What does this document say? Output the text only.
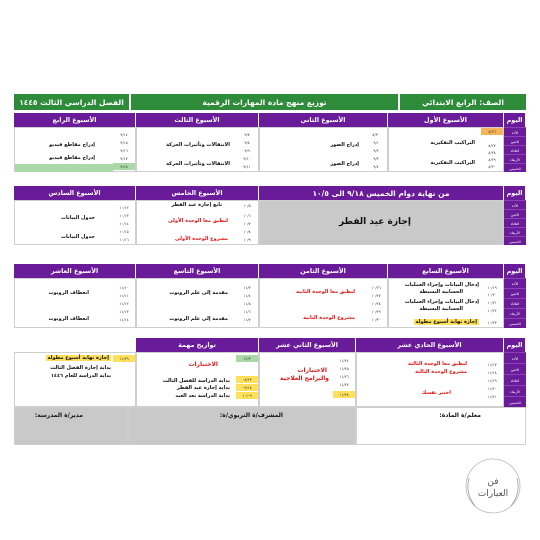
الصف: الرابع الابتدائي
توزيع منهج مادة المهارات الرقمية
الفصل الدراسي الثالث ١٤٤٥
اليوم
الأسبوع الأول
الأسبوع الثاني
الأسبوع الثالث
الأسبوع الرابع
الأحد
الاثنين
الثلاثاء
الأربعاء
الخميس
٨/٢٦
٨/٢٧
٨/٢٨
٨/٢٩
٨/٣٠
التراكيب التفكيرية
التراكيب التفكيرية
٨/٣٠
٩/١
٩/٢
٩/٣
٩/٤
إدراج الصور
إدراج الصور
٩/٧
٩/٨
٩/٩
٩/١٠
٩/١١
الانتقالات وتأثيرات الحركة
الانتقالات وتأثيرات الحركة
٩/١٤
٩/١٥
٩/١٦
٩/١٧
٩/١٨
إدراج مقاطع فيديو
إدراج مقاطع فيديو
اليوم
من نهاية دوام الخميس ٩/١٨ الى ١٠/٥
الأسبوع الخامس
الأسبوع السادس
الأحد
الاثنين
الثلاثاء
الأربعاء
الخميس
إجازة عيد الفطر
١٠/٥
١٠/٦
١٠/٧
١٠/٨
١٠/٩
تابع إجازة عيد الفطر
لنطبق معا الوحدة الأولى
مشروع الوحدة الأولى
١٠/١٢
١٠/١٣
١٠/١٤
١٠/١٥
١٠/١٦
جدول البيانات
جدول البيانات
اليوم
الأسبوع السابع
الأسبوع الثامن
الأسبوع التاسع
الأسبوع العاشر
الأحد
الاثنين
الثلاثاء
الأربعاء
الخميس
١٠/١٩
١٠/٢٠
١٠/٢١
١٠/٢٢
١٠/٢٣
إدخال البيانات وإجراء العمليات
الحسابية البسيطة
إدخال البيانات وإجراء العمليات
الحسابية البسيطة
إجازة نهاية أسبوع مطولة
١٠/٢٦
١٠/٢٧
١٠/٢٨
١٠/٢٩
١٠/٣٠
لنطبق معا الوحدة الثانية
مشروع الوحدة الثانية
١١/٣
١١/٤
١١/٥
١١/٦
١١/٧
مقدمة إلى علم الروبوت
مقدمة إلى علم الروبوت
١١/١٠
١١/١١
١١/١٢
١١/١٣
١١/١٤
انعطاف الروبوت
انعطاف الروبوت
اليوم
الأسبوع الحادي عشر
الأسبوع الثاني عشر
تواريخ مهمة
الأحد
الاثنين
الثلاثاء
الأربعاء
الخميس
١١/١٧
١١/١٨
١١/١٩
١١/٢٠
١١/٢١
لنطبق معا الوحدة الثالثة
مشروع الوحدة الثالثة
اختبر نفسك
١١/٢٤
١١/٢٥
١١/٢٦
١١/٢٧
١١/٢٨
الاختبارات
والبرامج العلاجية
١٢/٣
٠٨/٢٣
٠٩/١٨
١٠/٠٩
الاختبارات
بداية الدراسة للفصل الثالث
بداية إجازة عيد الفطر
بداية الدراسة بعد العيد
١١/٢٩
إجازة نهاية أسبوع مطولة
بداية إجازة الفصل الثالث
بداية الدراسة للعام ١٤٤٦
معلم/ة المادة:
المشرف/ة التربوي/ة:
مدير/ة المدرسة:
فن
العبارات
